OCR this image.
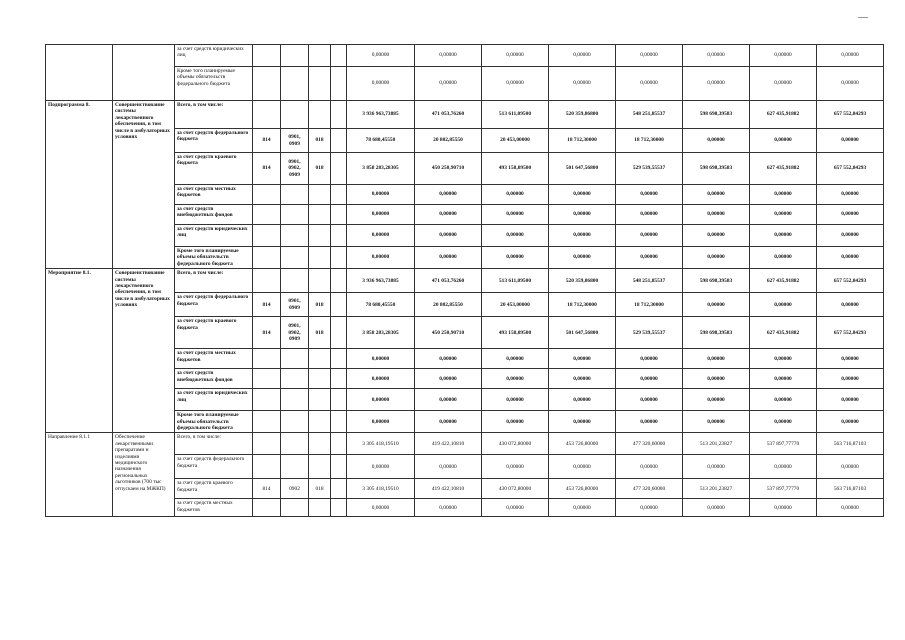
		за счет средств юридических лиц					0,00000	0,00000	0,00000	0,00000	0,00000	0,00000	0,00000	0,00000
		Кроме того планируемые объемы обязательств федерального бюджета					0,00000	0,00000	0,00000	0,00000	0,00000	0,00000	0,00000	0,00000
Подпрограмма 8.	Совершенствование системы лекарственного обеспечения, в том числе в амбулаторных условиях	Всего, в том числе:					3 936 963,73885	471 053,76260	513 611,09500	520 359,86800	548 251,85537	598 698,39583	627 435,91882	657 552,84293
		за счет средств федерального бюджета	814	0901, 0909	018		78 680,45550	20 802,85550	20 453,00000	18 712,30000	18 712,30000	0,00000	0,00000	0,00000
		за счет средств краевого бюджета	814	0901, 0902, 0909	018		3 858 283,28305	450 250,90710	493 158,09500	501 647,56800	529 539,55537	598 698,39583	627 435,91882	657 552,84293
		за счет средств местных бюджетов					0,00000	0,00000	0,00000	0,00000	0,00000	0,00000	0,00000	0,00000
		за счет средств внебюджетных фондов					0,00000	0,00000	0,00000	0,00000	0,00000	0,00000	0,00000	0,00000
		за счет средств юридических лиц					0,00000	0,00000	0,00000	0,00000	0,00000	0,00000	0,00000	0,00000
		Кроме того планируемые объемы обязательств федерального бюджета					0,00000	0,00000	0,00000	0,00000	0,00000	0,00000	0,00000	0,00000
Мероприятие 8.1.	Совершенствование системы лекарственного обеспечения, в том числе в амбулаторных условиях	Всего, в том числе:					3 936 963,73885	471 053,76260	513 611,09500	520 359,86800	548 251,85537	598 698,39583	627 435,91882	657 552,84293
		за счет средств федерального бюджета	814	0901, 0909	018		78 680,45550	20 802,85550	20 453,00000	18 712,30000	18 712,30000	0,00000	0,00000	0,00000
		за счет средств краевого бюджета	814	0901, 0902, 0909	018		3 858 283,28305	450 250,90710	493 158,09500	501 647,56800	529 539,55537	598 698,39583	627 435,91882	657 552,84293
		за счет средств местных бюджетов					0,00000	0,00000	0,00000	0,00000	0,00000	0,00000	0,00000	0,00000
		за счет средств внебюджетных фондов					0,00000	0,00000	0,00000	0,00000	0,00000	0,00000	0,00000	0,00000
		за счет средств юридических лиц					0,00000	0,00000	0,00000	0,00000	0,00000	0,00000	0,00000	0,00000
		Кроме того планируемые объемы обязательств федерального бюджета					0,00000	0,00000	0,00000	0,00000	0,00000	0,00000	0,00000	0,00000
Направление 8.1.1	Обеспечение лекарственными препаратами и изделиями медицинского назначения региональных льготников (700 тыс отпускаем на МЖКП)	Всего, в том числе:					3 305 418,19510	419 422,10810	430 072,80000	453 726,80000	477 320,60000	513 201,23827	537 897,77770	563 716,87103
		за счет средств федерального бюджета					0,00000	0,00000	0,00000	0,00000	0,00000	0,00000	0,00000	0,00000
		за счет средств краевого бюджета	814	0902	018		3 305 418,19510	419 422,10810	430 072,80000	453 726,80000	477 320,60000	513 201,23827	537 897,77770	563 716,87103
		за счет средств местных бюджетов					0,00000	0,00000	0,00000	0,00000	0,00000	0,00000	0,00000	0,00000
